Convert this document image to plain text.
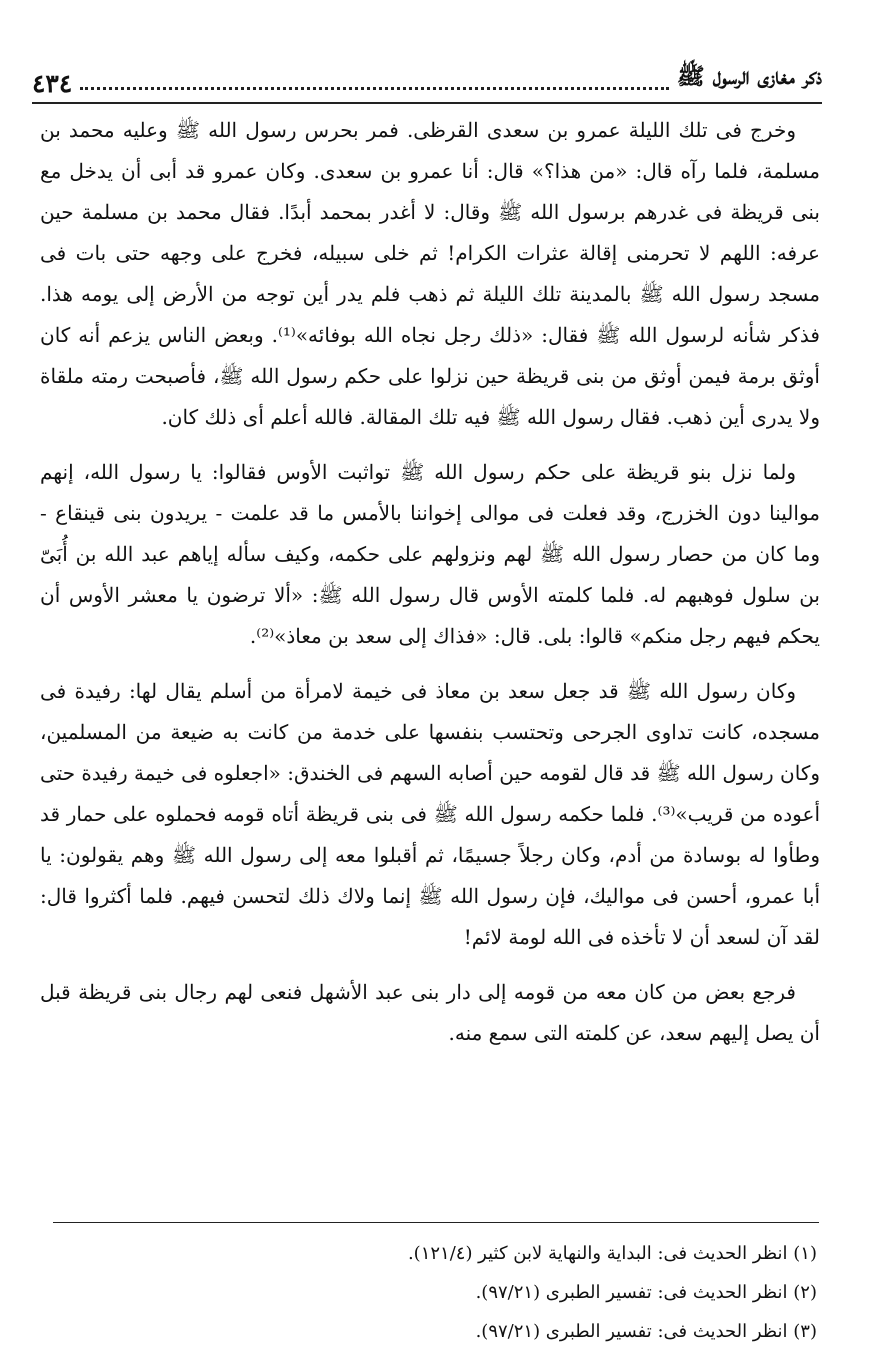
ذكر مغازى الرسول ﷺ
٤٣٤

وخرج فى تلك الليلة عمرو بن سعدى القرظى. فمر بحرس رسول الله ﷺ وعليه محمد بن مسلمة، فلما رآه قال: «من هذا؟» قال: أنا عمرو بن سعدى. وكان عمرو قد أبى أن يدخل مع بنى قريظة فى غدرهم برسول الله ﷺ وقال: لا أغدر بمحمد أبدًا. فقال محمد بن مسلمة حين عرفه: اللهم لا تحرمنى إقالة عثرات الكرام! ثم خلى سبيله، فخرج على وجهه حتى بات فى مسجد رسول الله ﷺ بالمدينة تلك الليلة ثم ذهب فلم يدر أين توجه من الأرض إلى يومه هذا. فذكر شأنه لرسول الله ﷺ فقال: «ذلك رجل نجاه الله بوفائه»⁽¹⁾. وبعض الناس يزعم أنه كان أوثق برمة فيمن أوثق من بنى قريظة حين نزلوا على حكم رسول الله ﷺ، فأصبحت رمته ملقاة ولا يدرى أين ذهب. فقال رسول الله ﷺ فيه تلك المقالة. فالله أعلم أى ذلك كان.

ولما نزل بنو قريظة على حكم رسول الله ﷺ تواثبت الأوس فقالوا: يا رسول الله، إنهم موالينا دون الخزرج، وقد فعلت فى موالى إخواننا بالأمس ما قد علمت - يريدون بنى قينقاع - وما كان من حصار رسول الله ﷺ لهم ونزولهم على حكمه، وكيف سأله إياهم عبد الله بن أُبَىّ بن سلول فوهبهم له. فلما كلمته الأوس قال رسول الله ﷺ: «ألا ترضون يا معشر الأوس أن يحكم فيهم رجل منكم» قالوا: بلى. قال: «فذاك إلى سعد بن معاذ»⁽²⁾.

وكان رسول الله ﷺ قد جعل سعد بن معاذ فى خيمة لامرأة من أسلم يقال لها: رفيدة فى مسجده، كانت تداوى الجرحى وتحتسب بنفسها على خدمة من كانت به ضيعة من المسلمين، وكان رسول الله ﷺ قد قال لقومه حين أصابه السهم فى الخندق: «اجعلوه فى خيمة رفيدة حتى أعوده من قريب»⁽³⁾. فلما حكمه رسول الله ﷺ فى بنى قريظة أتاه قومه فحملوه على حمار قد وطأوا له بوسادة من أدم، وكان رجلاً جسيمًا، ثم أقبلوا معه إلى رسول الله ﷺ وهم يقولون: يا أبا عمرو، أحسن فى مواليك، فإن رسول الله ﷺ إنما ولاك ذلك لتحسن فيهم. فلما أكثروا قال: لقد آن لسعد أن لا تأخذه فى الله لومة لائم!

فرجع بعض من كان معه من قومه إلى دار بنى عبد الأشهل فنعى لهم رجال بنى قريظة قبل أن يصل إليهم سعد، عن كلمته التى سمع منه.

(١) انظر الحديث فى: البداية والنهاية لابن كثير (١٢١/٤).

(٢) انظر الحديث فى: تفسير الطبرى (٩٧/٢١).

(٣) انظر الحديث فى: تفسير الطبرى (٩٧/٢١).
